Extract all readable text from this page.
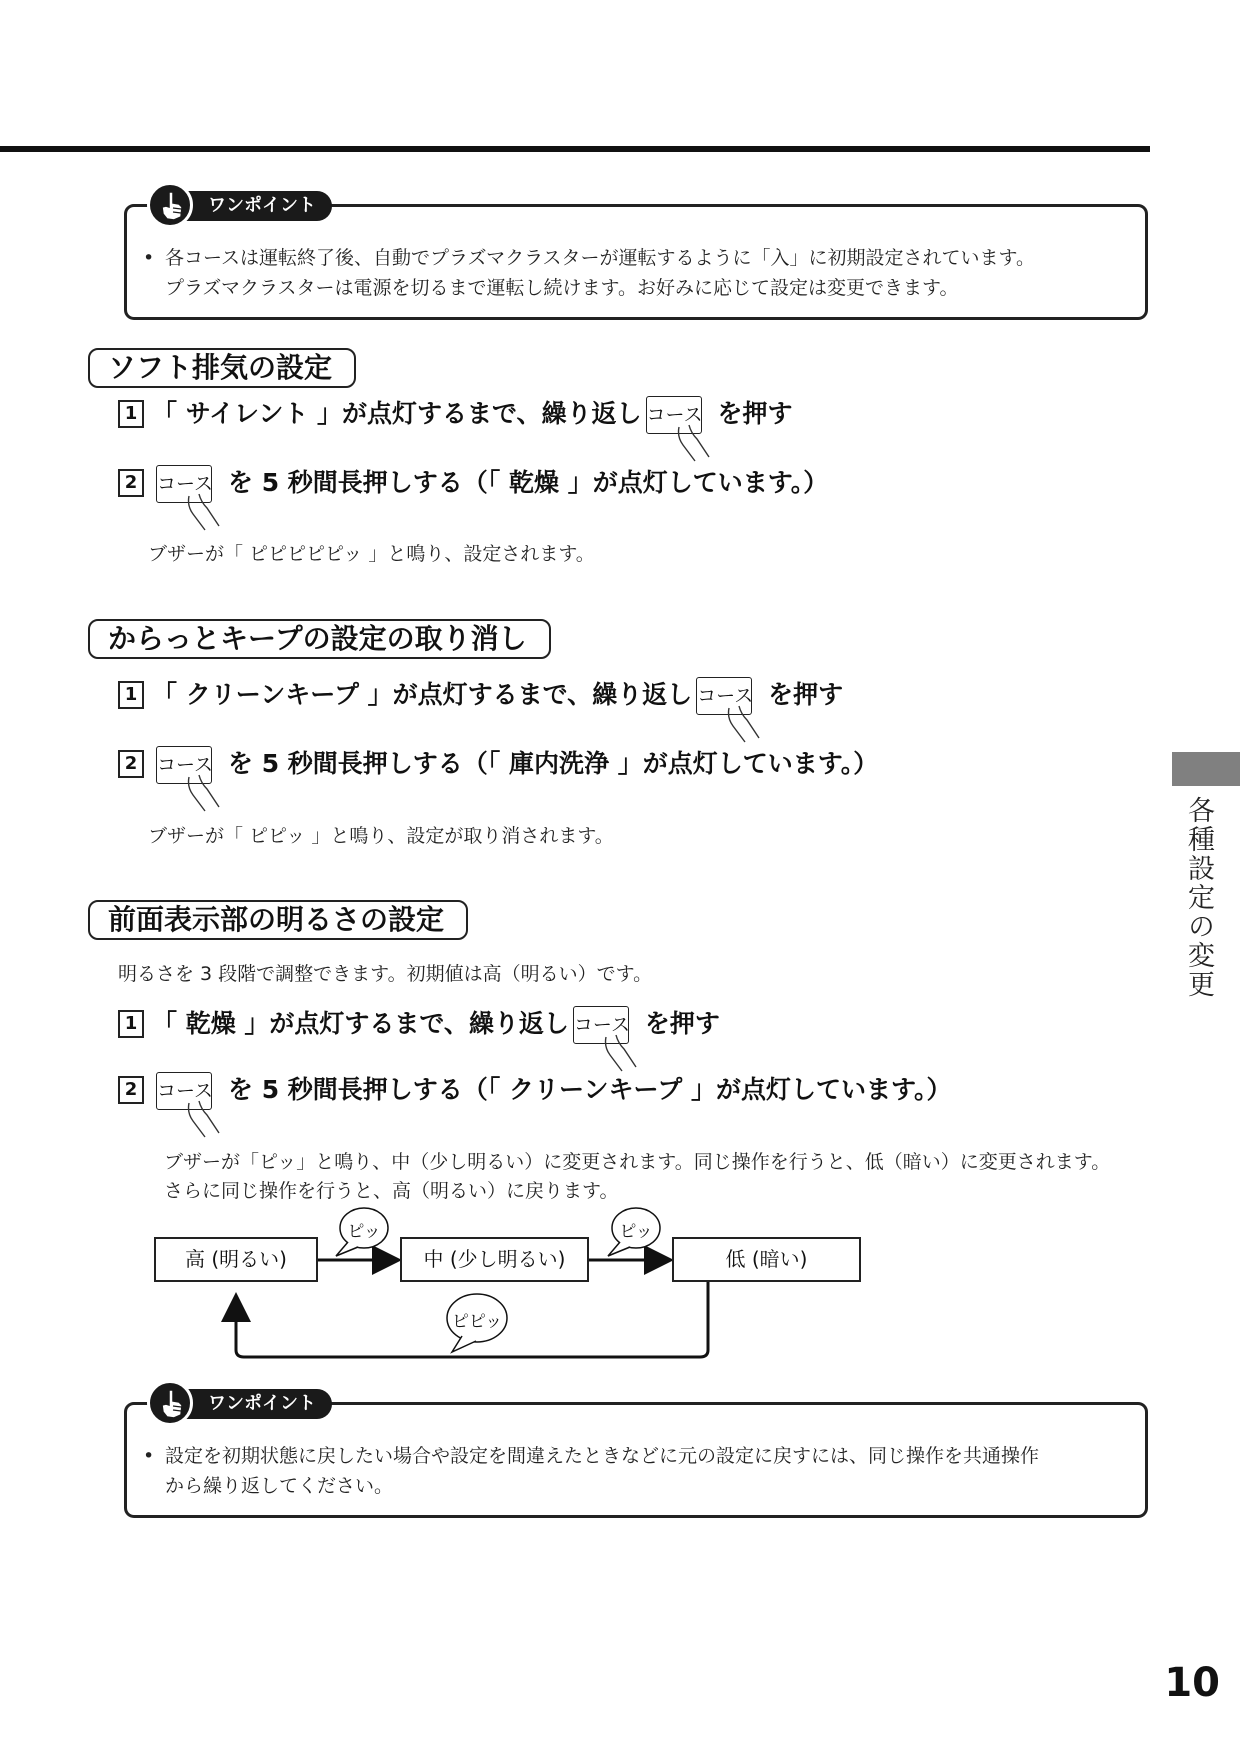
• 各コースは運転終了後、自動でプラズマクラスターが運転するように「入」に初期設定されています。
プラズマクラスターは電源を切るまで運転し続けます。お好みに応じて設定は変更できます。
ワンポイント
ソフト排気の設定
1 「 サイレント 」が点灯するまで、繰り返し コース を押す
2 コース を 5 秒間長押しする（「 乾燥 」が点灯しています。）
ブザーが「 ピピピピピッ 」と鳴り、設定されます。
からっとキープの設定の取り消し
1 「 クリーンキープ 」が点灯するまで、繰り返し コース を押す
2 コース を 5 秒間長押しする（「 庫内洗浄 」が点灯しています。）
ブザーが「 ピピッ 」と鳴り、設定が取り消されます。
前面表示部の明るさの設定
明るさを 3 段階で調整できます。初期値は高（明るい）です。
1 「 乾燥 」が点灯するまで、繰り返し コース を押す
2 コース を 5 秒間長押しする（「 クリーンキープ 」が点灯しています。）
ブザーが「ピッ」と鳴り、中（少し明るい）に変更されます。同じ操作を行うと、低（暗い）に変更されます。
さらに同じ操作を行うと、高（明るい）に戻ります。
高 (明るい)	中 (少し明るい)	低 (暗い)
ピッ	ピッ
ピピッ
• 設定を初期状態に戻したい場合や設定を間違えたときなどに元の設定に戻すには、同じ操作を共通操作
から繰り返してください。
ワンポイント
各種設定の変更
10
